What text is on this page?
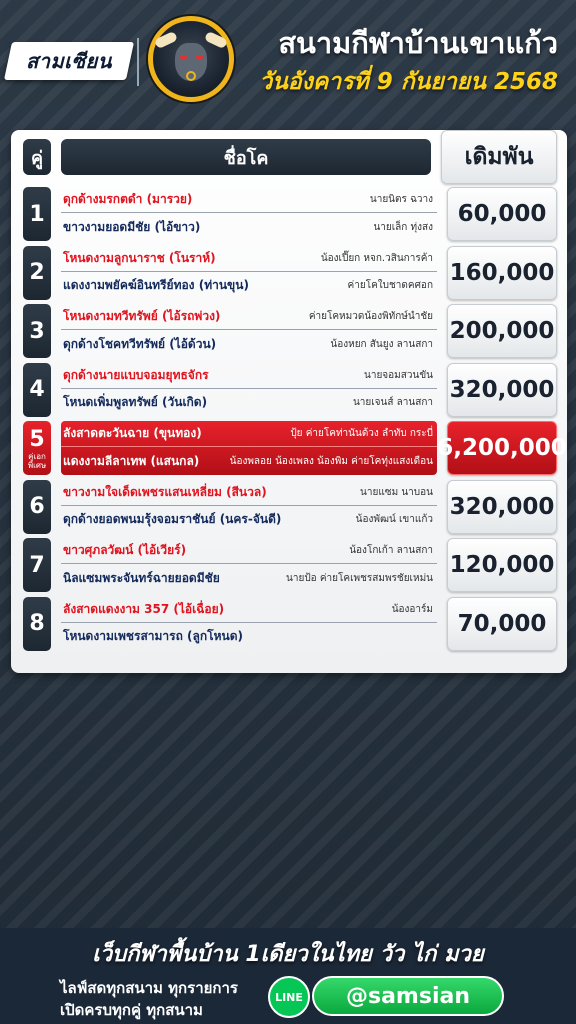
สามเซียน
สนามกีฬาบ้านเขาแก้ว
วันอังคารที่ 9 กันยายน 2568
คู่	ชื่อโค	เดิมพัน
1
ดุกด้างมรกตดำ (มารวย)	นายนิตร ฉวาง
ขาวงามยอดมีชัย (ไอ้ขาว)	นายเล็ก ทุ่งสง	60,000
2
โหนดงามลูกนาราช (โนราห์)	น้องเปี๊ยก หจก.วสินการค้า
แดงงามพยัคฆ์อินทรีย์ทอง (ท่านขุน)	ค่ายโคใบชาดคศอก 160,000
3
โหนดงามทวีทรัพย์ (ไอ้รถพ่วง)	ค่ายโคหมวดน้องพิทักษ์นำชัย
ดุกด้างโชคทวีทรัพย์ (ไอ้ด้วน)	น้องหยก สันยูง ลานสกา 200,000
4
ดุกด้างนายแบบจอมยุทธจักร	นายจอมสวนขัน
โหนดเพิ่มพูลทรัพย์ (วันเกิด)	นายเจนส์ ลานสกา 320,000
5
คู่เอกพิเศษ
ลังสาดตะวันฉาย (ขุนทอง)	ปุ้ย ค่ายโคท่านันด้วง ลำทับ กระบี่
แดงงามลีลาเทพ (แสนกล)	น้องพลอย น้องเพลง น้องพิม ค่ายโคทุ่งแสงเดือน 6,200,000
6
ขาวงามใจเด็ดเพชรแสนเหลี่ยม (สีนวล)	นายแซม นาบอน
ดุกด้างยอดพนมรุ้งจอมราชันย์ (นคร-จันดี)	น้องพัฒน์ เขาแก้ว 320,000
7
ขาวศุภลวัฒน์ (ไอ้เวียร์)	น้องโกเก้า ลานสกา
นิลแซมพระจันทร์ฉายยอดมีชัย	นายป้อ ค่ายโคเพชรสมพรชัยเหม่น 120,000
8
ลังสาดแดงงาม 357 (ไอ้เฉื่อย)	น้องอาร์ม
โหนดงามเพชรสามารถ (ลูกโหนด)	70,000
เว็บกีฬาพื้นบ้าน 1เดียวในไทย วัว ไก่ มวย
ไลฟ์สดทุกสนาม ทุกรายการ
เปิดครบทุกคู่ ทุกสนาม
LINE	@samsian
